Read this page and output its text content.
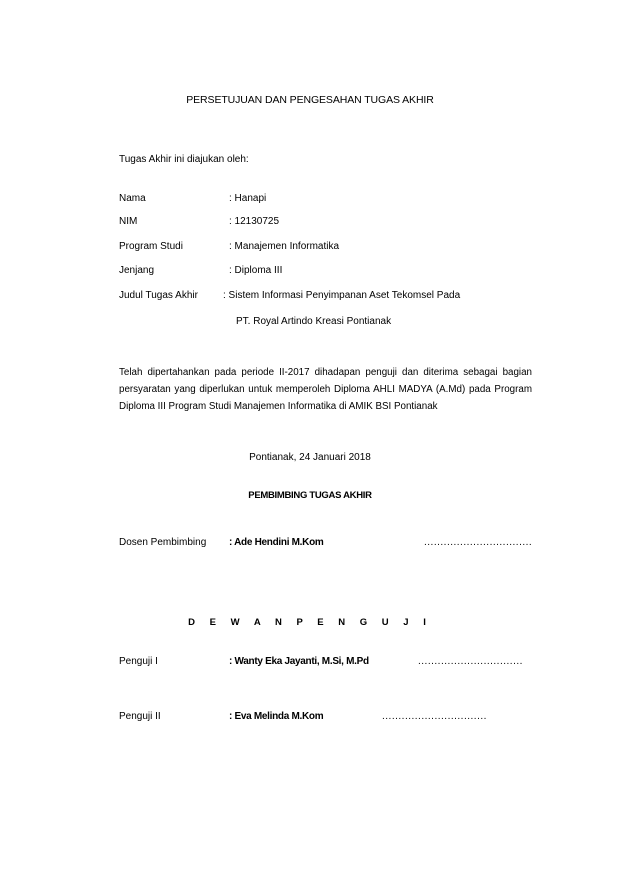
PERSETUJUAN DAN PENGESAHAN TUGAS AKHIR
Tugas Akhir ini diajukan oleh:
Nama	: Hanapi
NIM	: 12130725
Program Studi	: Manajemen Informatika
Jenjang	: Diploma III
Judul Tugas Akhir	: Sistem Informasi Penyimpanan Aset Tekomsel Pada
PT. Royal Artindo Kreasi Pontianak
Telah dipertahankan pada periode II-2017 dihadapan penguji dan diterima sebagai bagian persyaratan yang diperlukan untuk memperoleh Diploma AHLI MADYA (A.Md) pada Program Diploma III Program Studi Manajemen Informatika di AMIK BSI Pontianak
Pontianak, 24 Januari 2018
PEMBIMBING TUGAS AKHIR
Dosen Pembimbing : Ade Hendini M.Kom	.................................
D E W A N P E N G U J I
Penguji I	: Wanty Eka Jayanti, M.Si, M.Pd	................................
Penguji II	: Eva Melinda M.Kom	................................
